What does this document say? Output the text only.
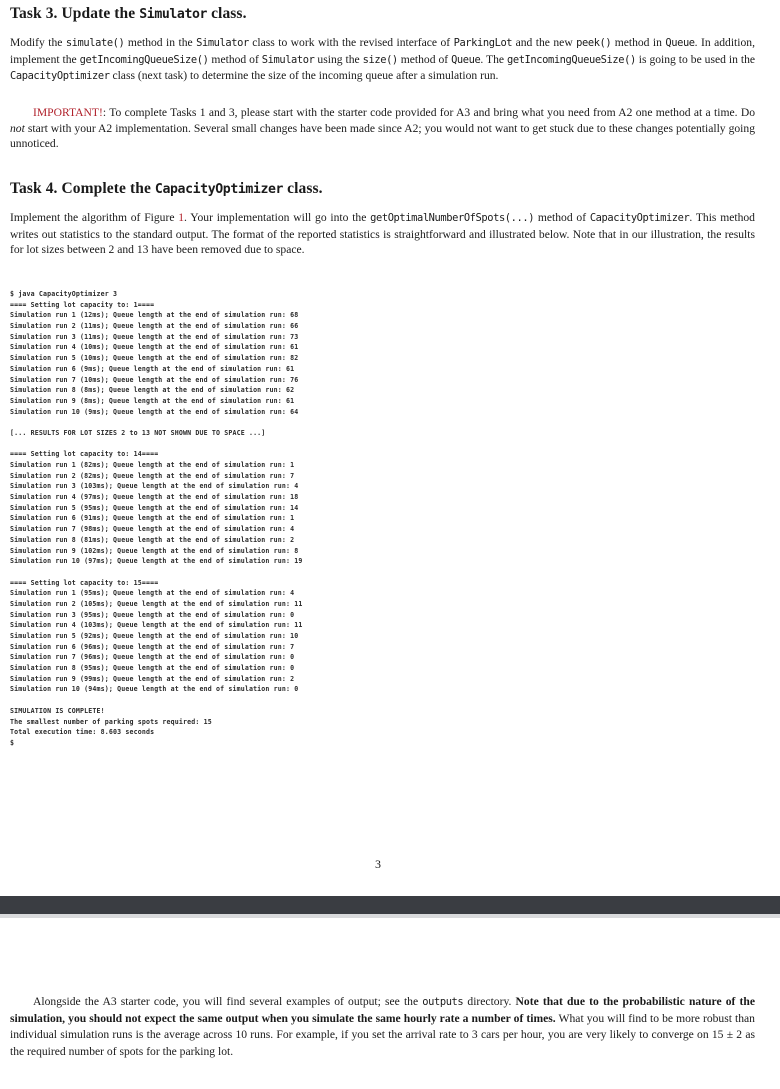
Task 3. Update the Simulator class.

Modify the simulate() method in the Simulator class to work with the revised interface of ParkingLot and the new peek() method in Queue. In addition, implement the getIncomingQueueSize() method of Simulator using the size() method of Queue. The getIncomingQueueSize() is going to be used in the CapacityOptimizer class (next task) to determine the size of the incoming queue after a simulation run.

IMPORTANT!: To complete Tasks 1 and 3, please start with the starter code provided for A3 and bring what you need from A2 one method at a time. Do not start with your A2 implementation. Several small changes have been made since A2; you would not want to get stuck due to these changes potentially going unnoticed.

Task 4. Complete the CapacityOptimizer class.

Implement the algorithm of Figure 1. Your implementation will go into the getOptimalNumberOfSpots(...) method of CapacityOptimizer. This method writes out statistics to the standard output. The format of the reported statistics is straightforward and illustrated below. Note that in our illustration, the results for lot sizes between 2 and 13 have been removed due to space.

$ java CapacityOptimizer 3
==== Setting lot capacity to: 1====
Simulation run 1 (12ms); Queue length at the end of simulation run: 68
Simulation run 2 (11ms); Queue length at the end of simulation run: 66
Simulation run 3 (11ms); Queue length at the end of simulation run: 73
Simulation run 4 (10ms); Queue length at the end of simulation run: 61
Simulation run 5 (10ms); Queue length at the end of simulation run: 82
Simulation run 6 (9ms); Queue length at the end of simulation run: 61
Simulation run 7 (10ms); Queue length at the end of simulation run: 76
Simulation run 8 (8ms); Queue length at the end of simulation run: 62
Simulation run 9 (8ms); Queue length at the end of simulation run: 61
Simulation run 10 (9ms); Queue length at the end of simulation run: 64
[... RESULTS FOR LOT SIZES 2 to 13 NOT SHOWN DUE TO SPACE ...]
==== Setting lot capacity to: 14====
Simulation run 1 (82ms); Queue length at the end of simulation run: 1
Simulation run 2 (82ms); Queue length at the end of simulation run: 7
Simulation run 3 (103ms); Queue length at the end of simulation run: 4
Simulation run 4 (97ms); Queue length at the end of simulation run: 18
Simulation run 5 (95ms); Queue length at the end of simulation run: 14
Simulation run 6 (91ms); Queue length at the end of simulation run: 1
Simulation run 7 (98ms); Queue length at the end of simulation run: 4
Simulation run 8 (81ms); Queue length at the end of simulation run: 2
Simulation run 9 (102ms); Queue length at the end of simulation run: 8
Simulation run 10 (97ms); Queue length at the end of simulation run: 19
==== Setting lot capacity to: 15====
Simulation run 1 (95ms); Queue length at the end of simulation run: 4
Simulation run 2 (105ms); Queue length at the end of simulation run: 11
Simulation run 3 (95ms); Queue length at the end of simulation run: 0
Simulation run 4 (103ms); Queue length at the end of simulation run: 11
Simulation run 5 (92ms); Queue length at the end of simulation run: 10
Simulation run 6 (96ms); Queue length at the end of simulation run: 7
Simulation run 7 (96ms); Queue length at the end of simulation run: 0
Simulation run 8 (95ms); Queue length at the end of simulation run: 0
Simulation run 9 (99ms); Queue length at the end of simulation run: 2
Simulation run 10 (94ms); Queue length at the end of simulation run: 0
SIMULATION IS COMPLETE!
The smallest number of parking spots required: 15
Total execution time: 8.603 seconds
$
3

Alongside the A3 starter code, you will find several examples of output; see the outputs directory. Note that due to the probabilistic nature of the simulation, you should not expect the same output when you simulate the same hourly rate a number of times. What you will find to be more robust than individual simulation runs is the average across 10 runs. For example, if you set the arrival rate to 3 cars per hour, you are very likely to converge on 15 ± 2 as the required number of spots for the parking lot.
